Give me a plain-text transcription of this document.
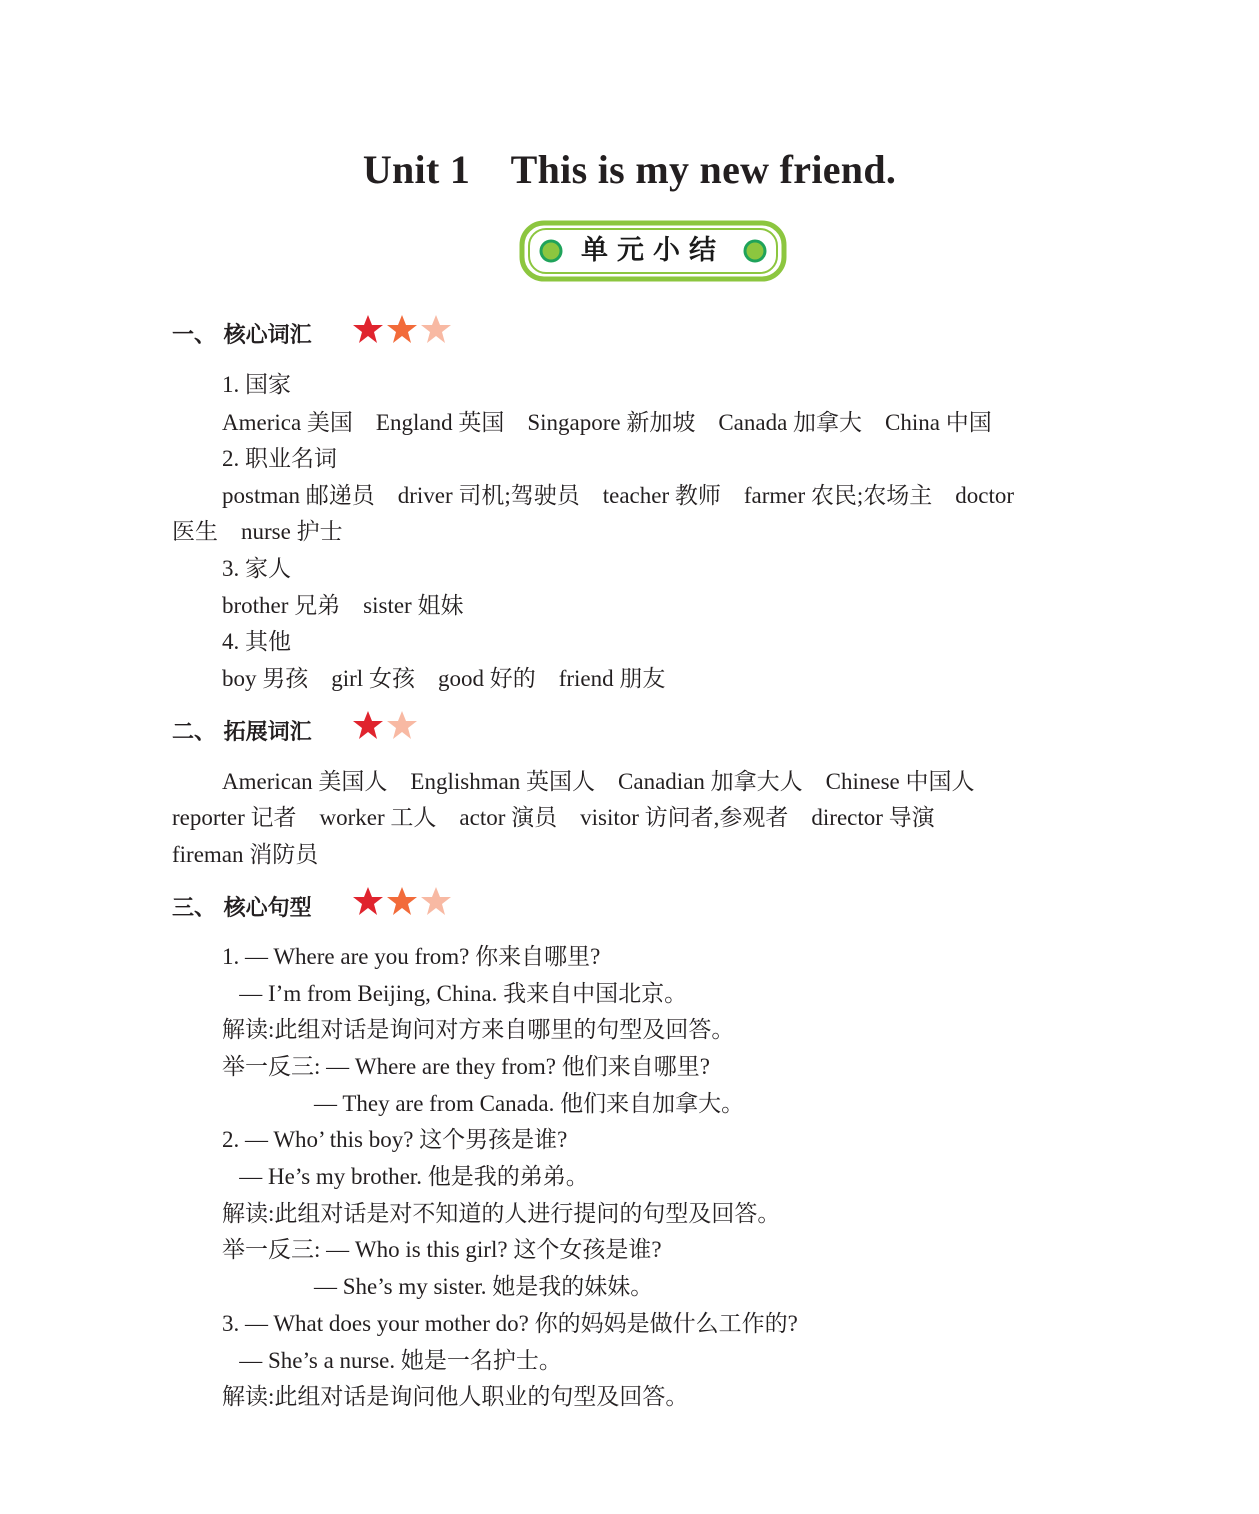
Unit 1    This is my new friend.
单元小结
一、 核心词汇
1. 国家
America 美国    England 英国    Singapore 新加坡    Canada 加拿大    China 中国
2. 职业名词
postman 邮递员    driver 司机;驾驶员    teacher 教师    farmer 农民;农场主    doctor
医生    nurse 护士
3. 家人
brother 兄弟    sister 姐妹
4. 其他
boy 男孩    girl 女孩    good 好的    friend 朋友
二、 拓展词汇
American 美国人    Englishman 英国人    Canadian 加拿大人    Chinese 中国人
reporter 记者    worker 工人    actor 演员    visitor 访问者,参观者    director 导演
fireman 消防员
三、 核心句型
1. — Where are you from? 你来自哪里?
— I’m from Beijing, China. 我来自中国北京。
解读:此组对话是询问对方来自哪里的句型及回答。
举一反三: — Where are they from? 他们来自哪里?
— They are from Canada. 他们来自加拿大。
2. — Who’ this boy? 这个男孩是谁?
— He’s my brother. 他是我的弟弟。
解读:此组对话是对不知道的人进行提问的句型及回答。
举一反三: — Who is this girl? 这个女孩是谁?
— She’s my sister. 她是我的妹妹。
3. — What does your mother do? 你的妈妈是做什么工作的?
— She’s a nurse. 她是一名护士。
解读:此组对话是询问他人职业的句型及回答。
